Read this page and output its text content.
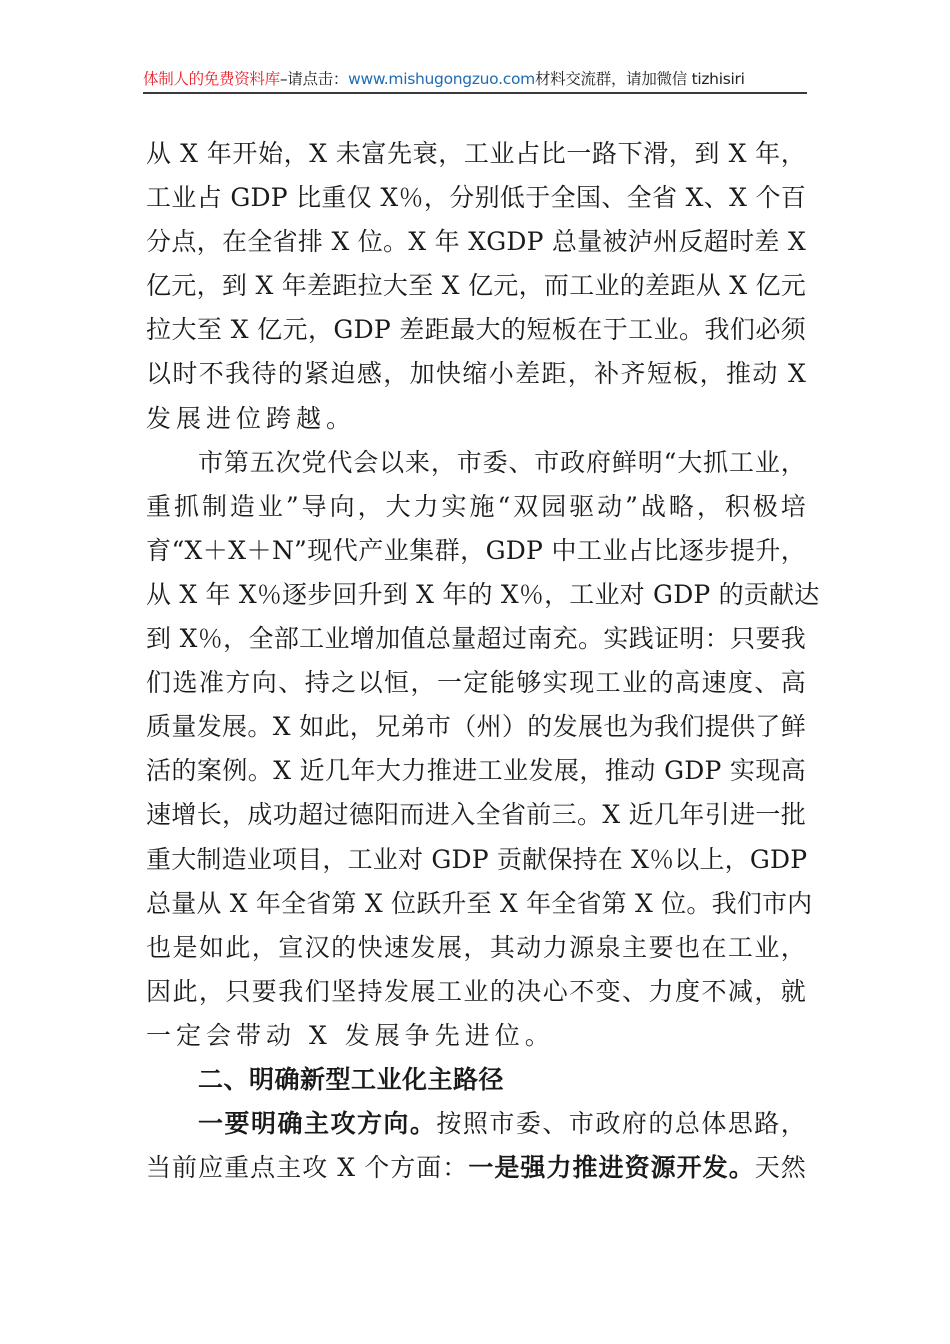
体制人的免费资料库–请点击：www.mishugongzuo.com材料交流群，请加微信 tizhisiri
从 X 年开始，X 未富先衰，工业占比一路下滑，到 X 年，
工业占 GDP 比重仅 X％，分别低于全国、全省 X、X 个百
分点，在全省排 X 位。X 年 XGDP 总量被泸州反超时差 X
亿元，到 X 年差距拉大至 X 亿元，而工业的差距从 X 亿元
拉大至 X 亿元，GDP 差距最大的短板在于工业。我们必须
以时不我待的紧迫感，加快缩小差距，补齐短板，推动 X
发展进位跨越。
市第五次党代会以来，市委、市政府鲜明“大抓工业，
重抓制造业”导向，大力实施“双园驱动”战略，积极培
育“X＋X＋N”现代产业集群，GDP 中工业占比逐步提升，
从 X 年 X％逐步回升到 X 年的 X％，工业对 GDP 的贡献达
到 X％，全部工业增加值总量超过南充。实践证明：只要我
们选准方向、持之以恒，一定能够实现工业的高速度、高
质量发展。X 如此，兄弟市（州）的发展也为我们提供了鲜
活的案例。X 近几年大力推进工业发展，推动 GDP 实现高
速增长，成功超过德阳而进入全省前三。X 近几年引进一批
重大制造业项目，工业对 GDP 贡献保持在 X％以上，GDP
总量从 X 年全省第 X 位跃升至 X 年全省第 X 位。我们市内
也是如此，宣汉的快速发展，其动力源泉主要也在工业，
因此，只要我们坚持发展工业的决心不变、力度不减，就
一定会带动 X 发展争先进位。
二、明确新型工业化主路径
一要明确主攻方向。按照市委、市政府的总体思路，
当前应重点主攻 X 个方面：一是强力推进资源开发。天然
